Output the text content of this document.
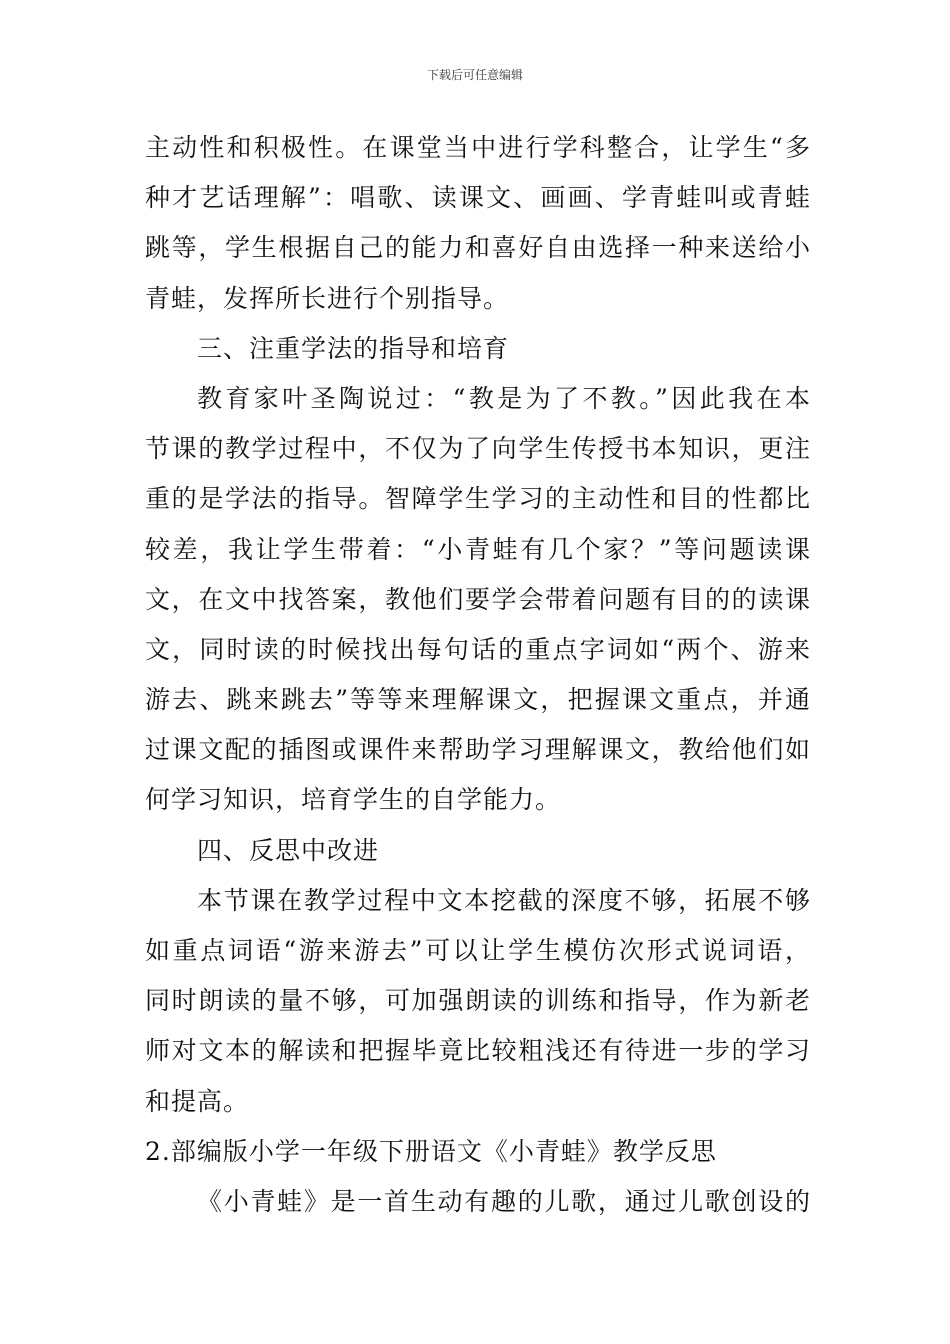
下载后可任意编辑
主动性和积极性。在课堂当中进行学科整合，让学生“多
种才艺话理解”：唱歌、读课文、画画、学青蛙叫或青蛙
跳等，学生根据自己的能力和喜好自由选择一种来送给小
青蛙，发挥所长进行个别指导。
三、注重学法的指导和培育
教育家叶圣陶说过：“教是为了不教。”因此我在本
节课的教学过程中，不仅为了向学生传授书本知识，更注
重的是学法的指导。智障学生学习的主动性和目的性都比
较差，我让学生带着：“小青蛙有几个家？”等问题读课
文，在文中找答案，教他们要学会带着问题有目的的读课
文，同时读的时候找出每句话的重点字词如“两个、游来
游去、跳来跳去”等等来理解课文，把握课文重点，并通
过课文配的插图或课件来帮助学习理解课文，教给他们如
何学习知识，培育学生的自学能力。
四、反思中改进
本节课在教学过程中文本挖截的深度不够，拓展不够
如重点词语“游来游去”可以让学生模仿次形式说词语，
同时朗读的量不够，可加强朗读的训练和指导，作为新老
师对文本的解读和把握毕竟比较粗浅还有待进一步的学习
和提高。
2.部编版小学一年级下册语文《小青蛙》教学反思
《小青蛙》是一首生动有趣的儿歌，通过儿歌创设的
